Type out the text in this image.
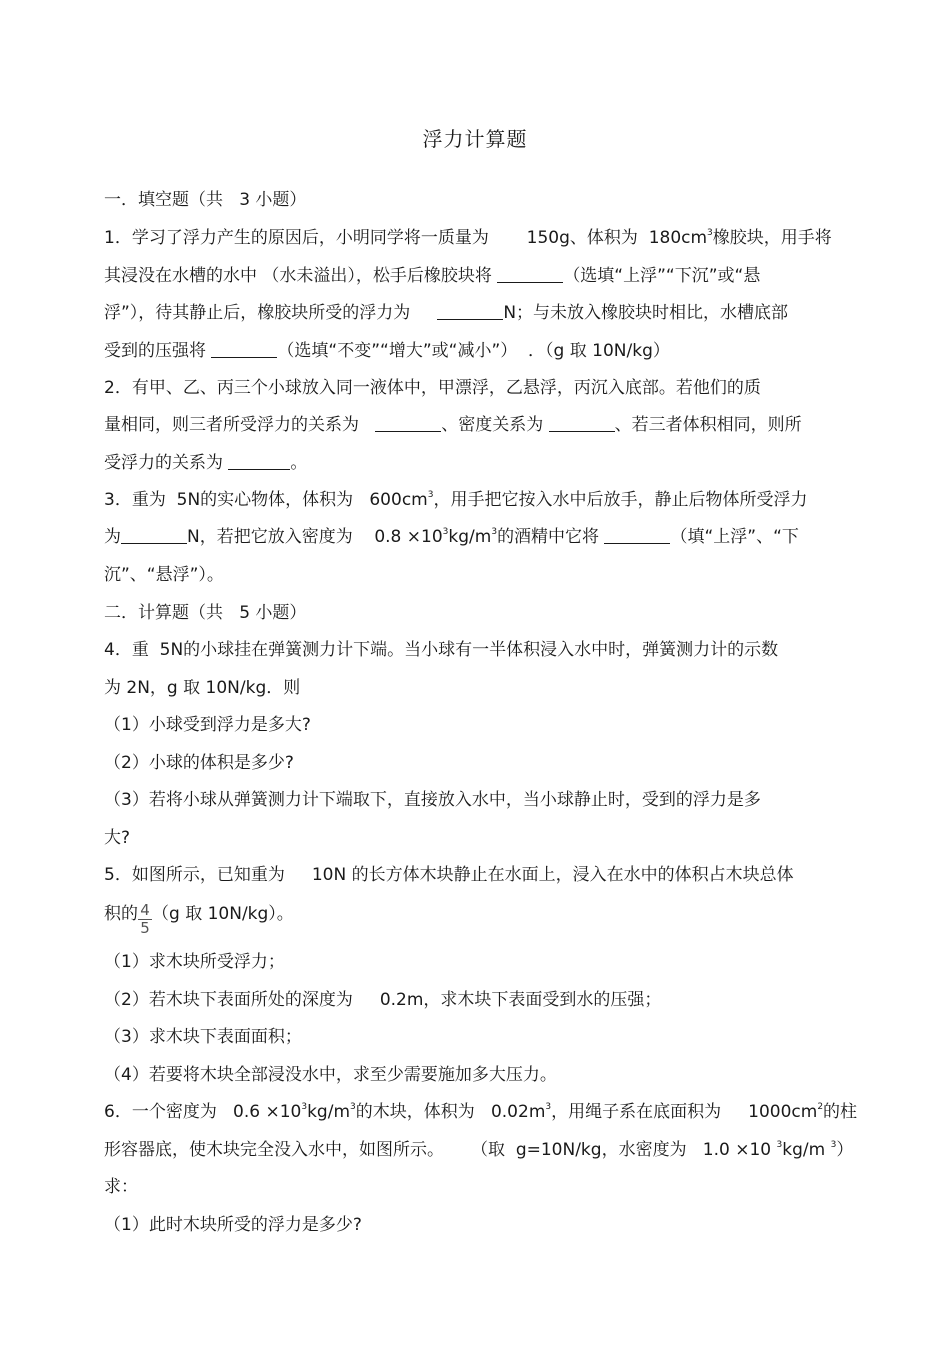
浮力计算题
一．填空题（共   3 小题）
1．学习了浮力产生的原因后，小明同学将一质量为       150g、体积为  $180cm^3$橡胶块，用手将
其浸没在水槽的水中 （水未溢出），松手后橡胶块将	（选填“上浮”“下沉”或“悬
浮”），待其静止后，橡胶块所受的浮力为	N；与未放入橡胶块时相比，水槽底部
受到的压强将	（选填“不变”“增大”或“减小”）  ．（g 取 10N/kg）
2．有甲、乙、丙三个小球放入同一液体中，甲漂浮，乙悬浮，丙沉入底部。若他们的质
量相同，则三者所受浮力的关系为	、密度关系为	、若三者体积相同，则所
受浮力的关系为	。
3．重为  5N的实心物体，体积为   $600cm^3$，用手把它按入水中后放手，静止后物体所受浮力
为	N，若把它放入密度为    $0.8 \times 10^3kg/m^3$的酒精中它将	（填“上浮”、“下
沉”、“悬浮”）。
二．计算题（共   5 小题）
4．重  5N的小球挂在弹簧测力计下端。当小球有一半体积浸入水中时，弹簧测力计的示数
为 2N，g 取 10N/kg．则
（1）小球受到浮力是多大?
（2）小球的体积是多少?
（3）若将小球从弹簧测力计下端取下，直接放入水中，当小球静止时，受到的浮力是多
大?
5．如图所示，已知重为     10N 的长方体木块静止在水面上，浸入在水中的体积占木块总体
积的 $\frac{4}{5} (g$ 取 10N/kg）。
（1）求木块所受浮力；
（2）若木块下表面所处的深度为     0.2m，求木块下表面受到水的压强；
（3）求木块下表面面积；
（4）若要将木块全部浸没水中，求至少需要施加多大压力。
6．一个密度为   $0.6 \times 10^3kg/m^3$的木块，体积为   $0.02m^3$，用绳子系在底面积为     $1000cm^2$的柱
形容器底，使木块完全没入水中，如图所示。     （取  g=10N/kg，水密度为   1.0 ×10 $^3$kg/m $^3$）
求：
（1）此时木块所受的浮力是多少?
